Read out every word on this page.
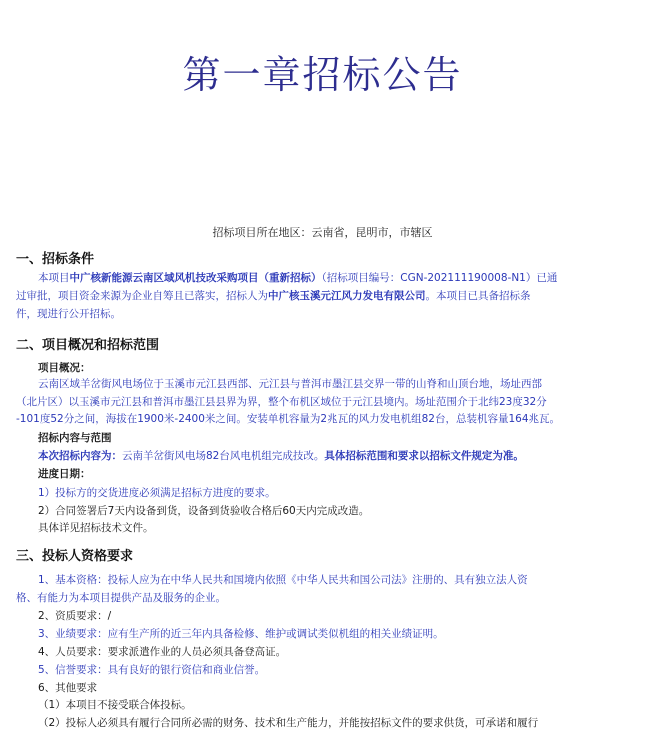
第一章招标公告
招标项目所在地区：云南省，昆明市，市辖区
一、招标条件
本项目中广核新能源云南区域风机技改采购项目（重新招标）（招标项目编号：CGN-202111190008-N1）已通
过审批，项目资金来源为企业自筹且已落实，招标人为中广核玉溪元江风力发电有限公司。本项目已具备招标条
件，现进行公开招标。
二、项目概况和招标范围
项目概况：
云南区域羊岔街风电场位于玉溪市元江县西部、元江县与普洱市墨江县交界一带的山脊和山顶台地，场址西部
（北片区）以玉溪市元江县和普洱市墨江县县界为界，整个布机区域位于元江县境内。场址范围介于北纬23度32分
-101度52分之间，海拔在1900米-2400米之间。安装单机容量为2兆瓦的风力发电机组82台，总装机容量164兆瓦。
招标内容与范围
本次招标内容为：云南羊岔街风电场82台风电机组完成技改。具体招标范围和要求以招标文件规定为准。
进度日期：
1）投标方的交货进度必须满足招标方进度的要求。
2）合同签署后7天内设备到货，设备到货验收合格后60天内完成改造。
具体详见招标技术文件。
三、投标人资格要求
1、基本资格：投标人应为在中华人民共和国境内依照《中华人民共和国公司法》注册的、具有独立法人资
格、有能力为本项目提供产品及服务的企业。
2、资质要求：/
3、业绩要求：应有生产所的近三年内具备检修、维护或调试类似机组的相关业绩证明。
4、人员要求：要求派遣作业的人员必须具备登高证。
5、信誉要求：具有良好的银行资信和商业信誉。
6、其他要求
（1）本项目不接受联合体投标。
（2）投标人必须具有履行合同所必需的财务、技术和生产能力，并能按招标文件的要求供货，可承诺和履行
